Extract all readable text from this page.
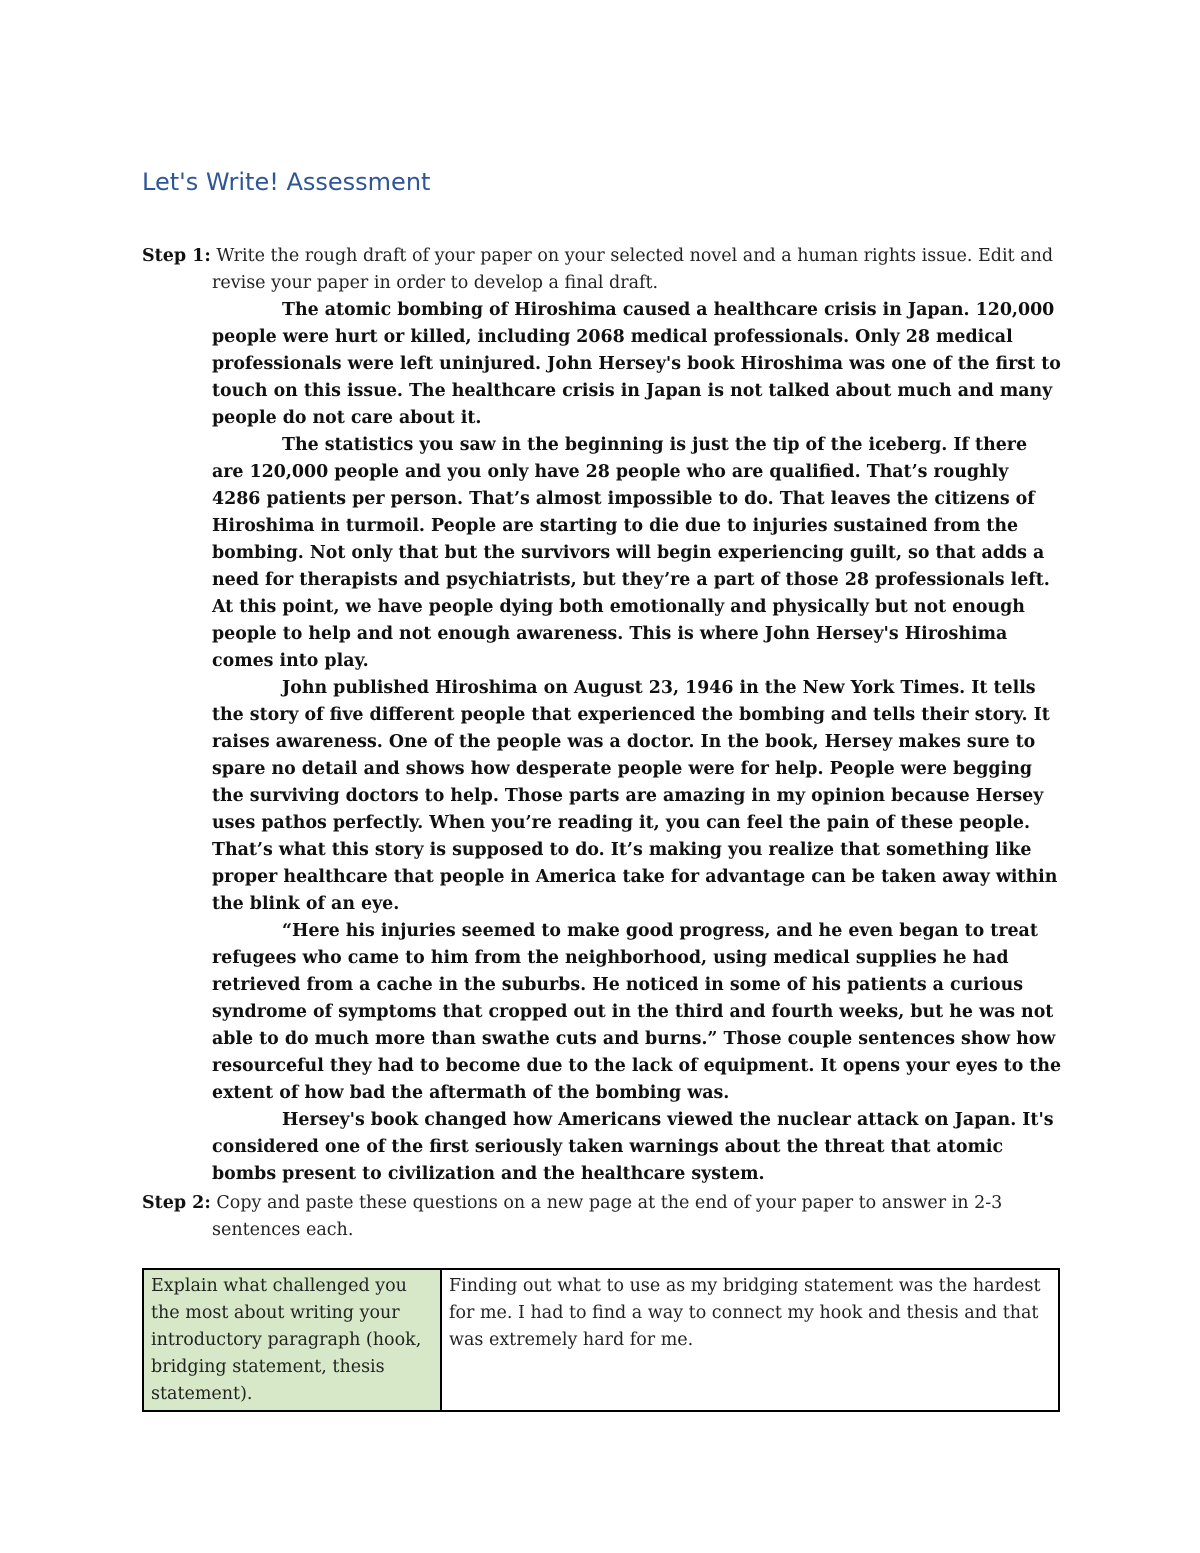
Let's Write! Assessment

Step 1: Write the rough draft of your paper on your selected novel and a human rights issue. Edit and revise your paper in order to develop a final draft.

The atomic bombing of Hiroshima caused a healthcare crisis in Japan. 120,000 people were hurt or killed, including 2068 medical professionals. Only 28 medical professionals were left uninjured. John Hersey's book Hiroshima was one of the first to touch on this issue. The healthcare crisis in Japan is not talked about much and many people do not care about it.

The statistics you saw in the beginning is just the tip of the iceberg. If there are 120,000 people and you only have 28 people who are qualified. That’s roughly 4286 patients per person. That’s almost impossible to do. That leaves the citizens of Hiroshima in turmoil. People are starting to die due to injuries sustained from the bombing. Not only that but the survivors will begin experiencing guilt, so that adds a need for therapists and psychiatrists, but they’re a part of those 28 professionals left. At this point, we have people dying both emotionally and physically but not enough people to help and not enough awareness. This is where John Hersey's Hiroshima comes into play.

John published Hiroshima on August 23, 1946 in the New York Times. It tells the story of five different people that experienced the bombing and tells their story. It raises awareness. One of the people was a doctor. In the book, Hersey makes sure to spare no detail and shows how desperate people were for help. People were begging the surviving doctors to help. Those parts are amazing in my opinion because Hersey uses pathos perfectly. When you’re reading it, you can feel the pain of these people. That’s what this story is supposed to do. It’s making you realize that something like proper healthcare that people in America take for advantage can be taken away within the blink of an eye.

“Here his injuries seemed to make good progress, and he even began to treat refugees who came to him from the neighborhood, using medical supplies he had retrieved from a cache in the suburbs. He noticed in some of his patients a curious syndrome of symptoms that cropped out in the third and fourth weeks, but he was not able to do much more than swathe cuts and burns.” Those couple sentences show how resourceful they had to become due to the lack of equipment. It opens your eyes to the extent of how bad the aftermath of the bombing was.

Hersey's book changed how Americans viewed the nuclear attack on Japan. It's considered one of the first seriously taken warnings about the threat that atomic bombs present to civilization and the healthcare system.

Step 2: Copy and paste these questions on a new page at the end of your paper to answer in 2-3 sentences each.

Explain what challenged you the most about writing your introductory paragraph (hook, bridging statement, thesis statement).	Finding out what to use as my bridging statement was the hardest for me. I had to find a way to connect my hook and thesis and that was extremely hard for me.
